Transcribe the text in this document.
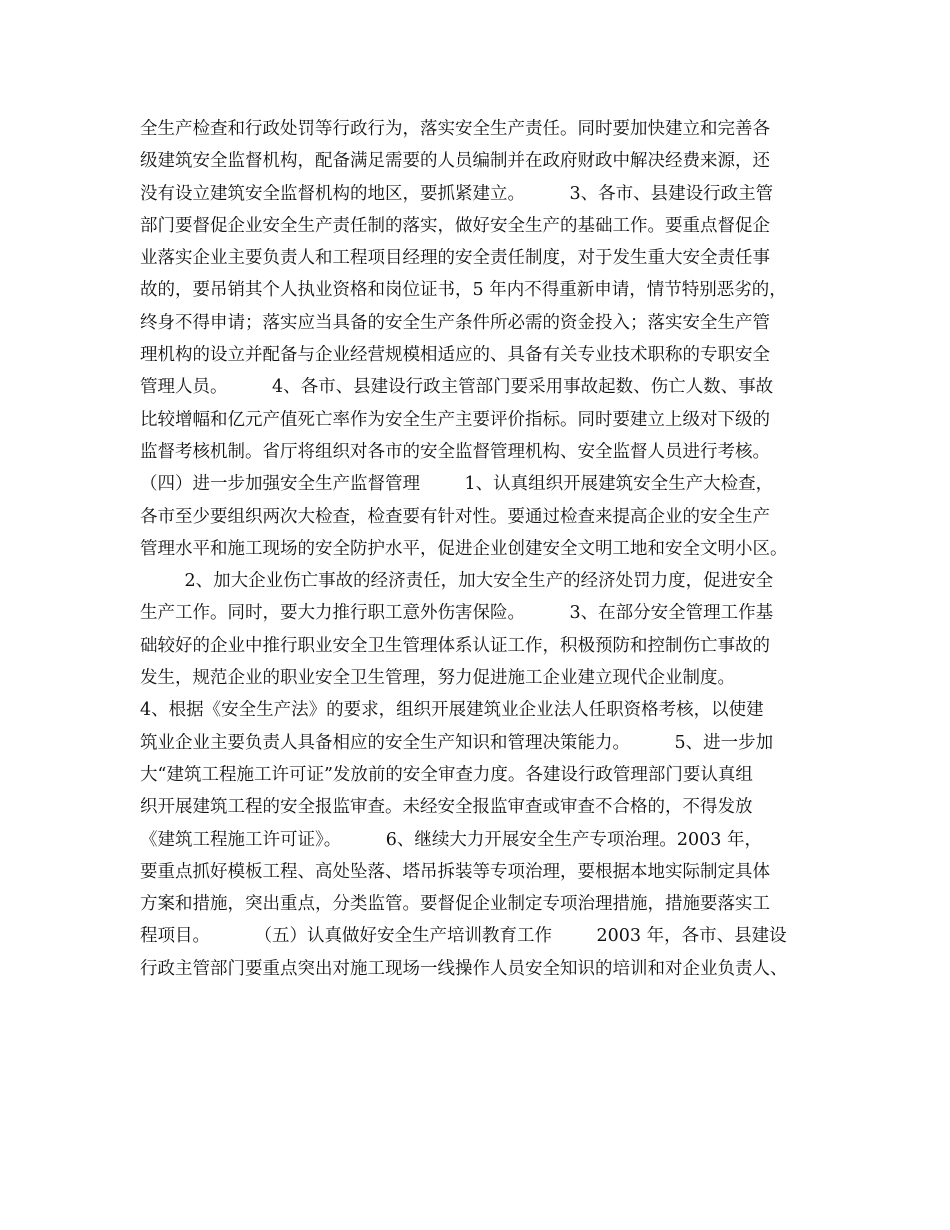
全生产检查和行政处罚等行政行为，落实安全生产责任。同时要加快建立和完善各
级建筑安全监督机构，配备满足需要的人员编制并在政府财政中解决经费来源，还
没有设立建筑安全监督机构的地区，要抓紧建立。        3、各市、县建设行政主管
部门要督促企业安全生产责任制的落实，做好安全生产的基础工作。要重点督促企
业落实企业主要负责人和工程项目经理的安全责任制度，对于发生重大安全责任事
故的，要吊销其个人执业资格和岗位证书，5 年内不得重新申请，情节特别恶劣的，
终身不得申请；落实应当具备的安全生产条件所必需的资金投入；落实安全生产管
理机构的设立并配备与企业经营规模相适应的、具备有关专业技术职称的专职安全
管理人员。        4、各市、县建设行政主管部门要采用事故起数、伤亡人数、事故
比较增幅和亿元产值死亡率作为安全生产主要评价指标。同时要建立上级对下级的
监督考核机制。省厅将组织对各市的安全监督管理机构、安全监督人员进行考核。
（四）进一步加强安全生产监督管理        1、认真组织开展建筑安全生产大检查，
各市至少要组织两次大检查，检查要有针对性。要通过检查来提高企业的安全生产
管理水平和施工现场的安全防护水平，促进企业创建安全文明工地和安全文明小区。
2、加大企业伤亡事故的经济责任，加大安全生产的经济处罚力度，促进安全
生产工作。同时，要大力推行职工意外伤害保险。        3、在部分安全管理工作基
础较好的企业中推行职业安全卫生管理体系认证工作，积极预防和控制伤亡事故的
发生，规范企业的职业安全卫生管理，努力促进施工企业建立现代企业制度。
4、根据《安全生产法》的要求，组织开展建筑业企业法人任职资格考核，以使建
筑业企业主要负责人具备相应的安全生产知识和管理决策能力。        5、进一步加
大“建筑工程施工许可证”发放前的安全审查力度。各建设行政管理部门要认真组
织开展建筑工程的安全报监审查。未经安全报监审查或审查不合格的，不得发放
《建筑工程施工许可证》。        6、继续大力开展安全生产专项治理。2003 年，
要重点抓好模板工程、高处坠落、塔吊拆装等专项治理，要根据本地实际制定具体
方案和措施，突出重点，分类监管。要督促企业制定专项治理措施，措施要落实工
程项目。        （五）认真做好安全生产培训教育工作        2003 年，各市、县建设
行政主管部门要重点突出对施工现场一线操作人员安全知识的培训和对企业负责人、
